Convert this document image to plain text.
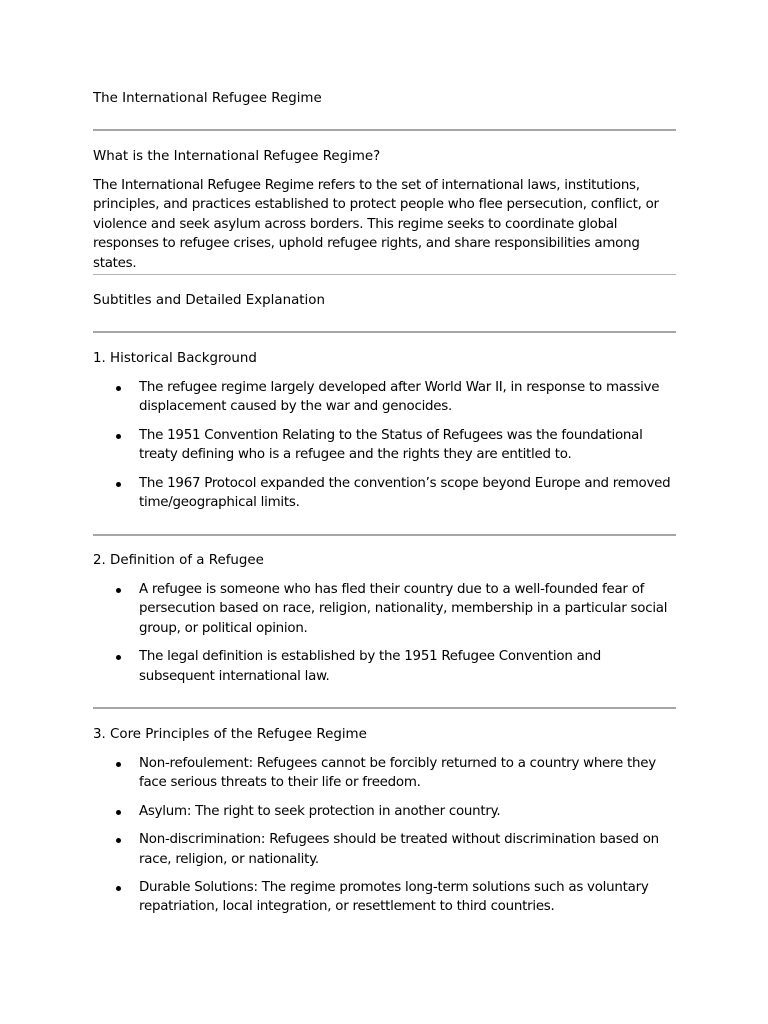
The International Refugee Regime
What is the International Refugee Regime?
The International Refugee Regime refers to the set of international laws, institutions, principles, and practices established to protect people who flee persecution, conflict, or violence and seek asylum across borders. This regime seeks to coordinate global responses to refugee crises, uphold refugee rights, and share responsibilities among states.
Subtitles and Detailed Explanation
1. Historical Background
The refugee regime largely developed after World War II, in response to massive displacement caused by the war and genocides.
The 1951 Convention Relating to the Status of Refugees was the foundational treaty defining who is a refugee and the rights they are entitled to.
The 1967 Protocol expanded the convention’s scope beyond Europe and removed time/geographical limits.
2. Definition of a Refugee
A refugee is someone who has fled their country due to a well-founded fear of persecution based on race, religion, nationality, membership in a particular social group, or political opinion.
The legal definition is established by the 1951 Refugee Convention and subsequent international law.
3. Core Principles of the Refugee Regime
Non-refoulement: Refugees cannot be forcibly returned to a country where they face serious threats to their life or freedom.
Asylum: The right to seek protection in another country.
Non-discrimination: Refugees should be treated without discrimination based on race, religion, or nationality.
Durable Solutions: The regime promotes long-term solutions such as voluntary repatriation, local integration, or resettlement to third countries.
